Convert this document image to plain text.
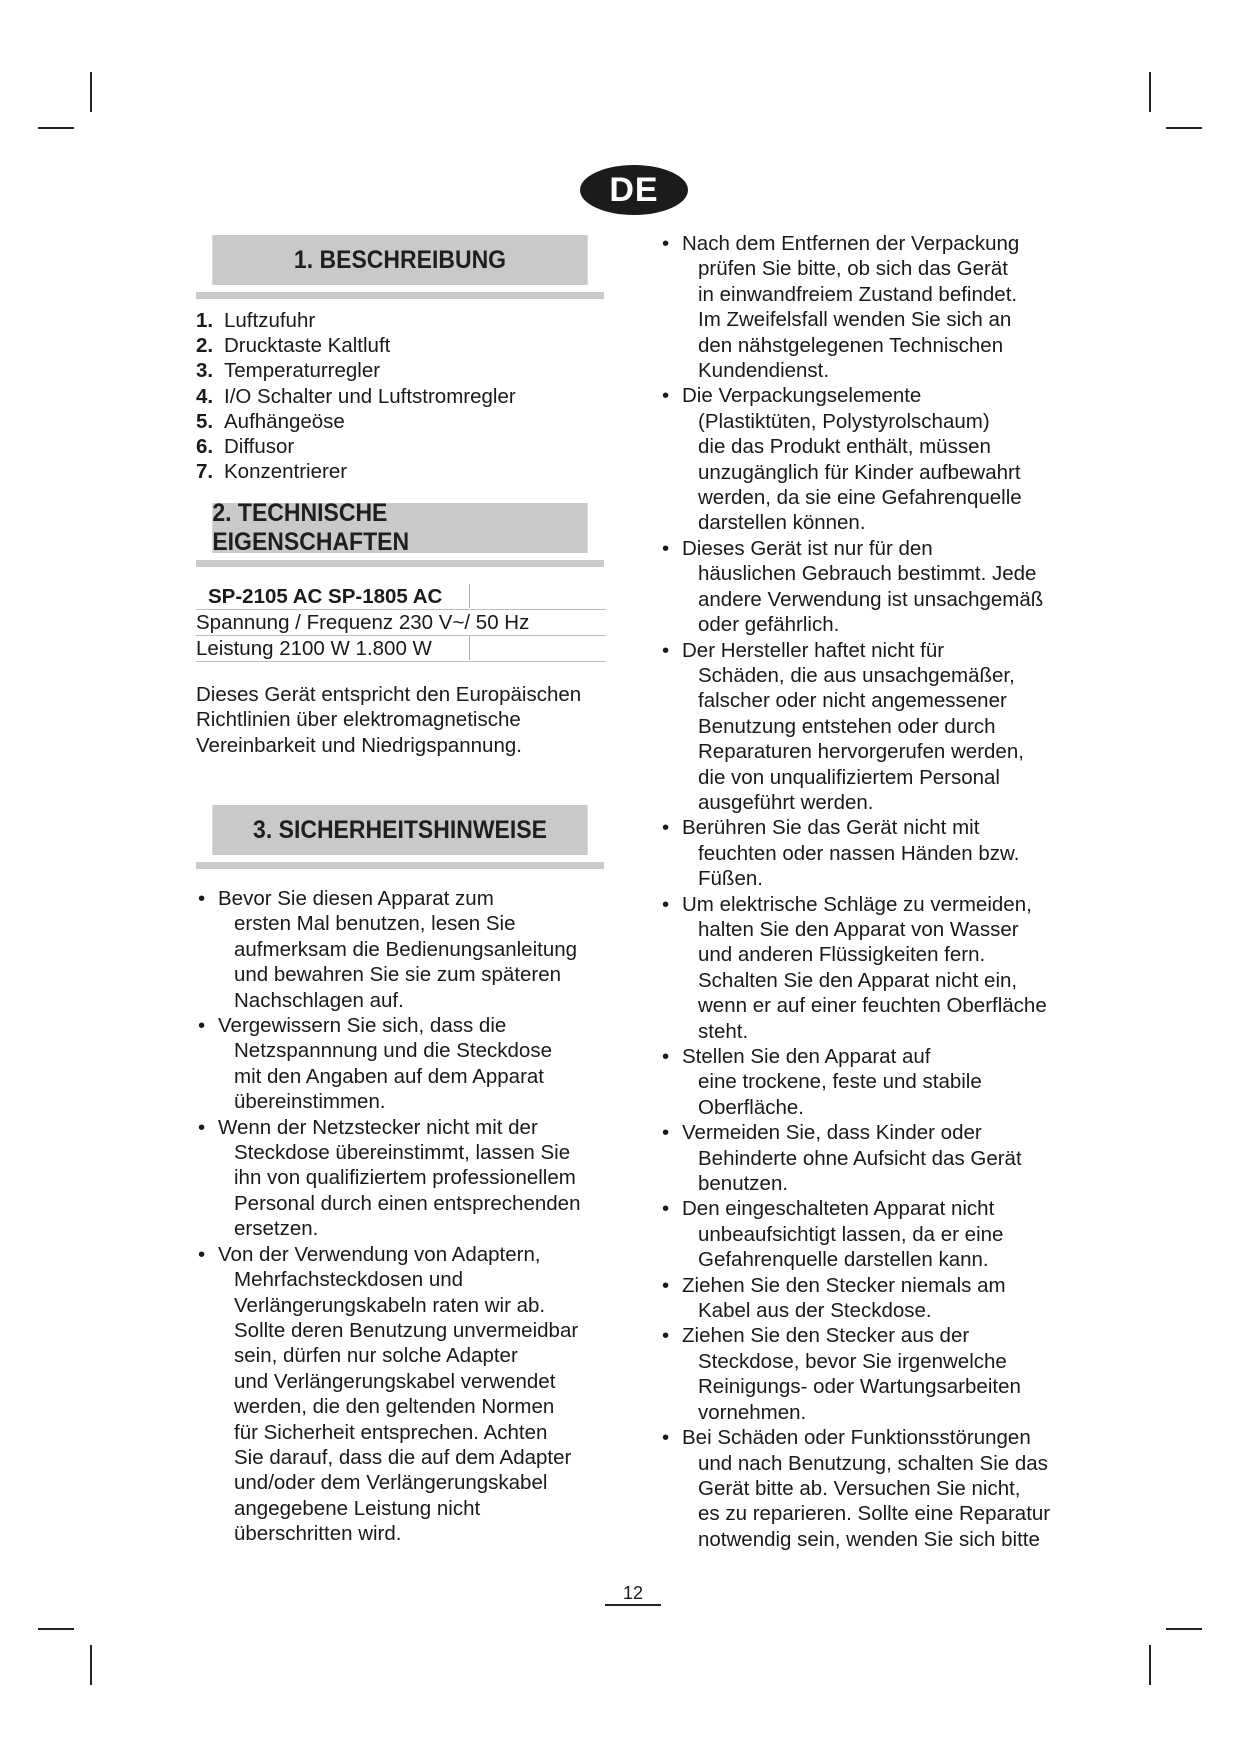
DE
1. BESCHREIBUNG
1. Luftzufuhr
2. Drucktaste Kaltluft
3. Temperaturregler
4. I/O Schalter und Luftstromregler
5. Aufhängeöse
6. Diffusor
7. Konzentrierer
2. TECHNISCHE EIGENSCHAFTEN
SP-2105 AC SP-1805 AC
Spannung / Frequenz 230 V~/ 50 Hz
Leistung 2100 W 1.800 W
Dieses Gerät entspricht den Europäischen
Richtlinien über elektromagnetische
Vereinbarkeit und Niedrigspannung.
3. SICHERHEITSHINWEISE
• Bevor Sie diesen Apparat zum
ersten Mal benutzen, lesen Sie
aufmerksam die Bedienungsanleitung
und bewahren Sie sie zum späteren
Nachschlagen auf.
• Vergewissern Sie sich, dass die
Netzspannnung und die Steckdose
mit den Angaben auf dem Apparat
übereinstimmen.
• Wenn der Netzstecker nicht mit der
Steckdose übereinstimmt, lassen Sie
ihn von qualifiziertem professionellem
Personal durch einen entsprechenden
ersetzen.
• Von der Verwendung von Adaptern,
Mehrfachsteckdosen und
Verlängerungskabeln raten wir ab.
Sollte deren Benutzung unvermeidbar
sein, dürfen nur solche Adapter
und Verlängerungskabel verwendet
werden, die den geltenden Normen
für Sicherheit entsprechen. Achten
Sie darauf, dass die auf dem Adapter
und/oder dem Verlängerungskabel
angegebene Leistung nicht
überschritten wird.
• Nach dem Entfernen der Verpackung
prüfen Sie bitte, ob sich das Gerät
in einwandfreiem Zustand befindet.
Im Zweifelsfall wenden Sie sich an
den nähstgelegenen Technischen
Kundendienst.
• Die Verpackungselemente
(Plastiktüten, Polystyrolschaum)
die das Produkt enthält, müssen
unzugänglich für Kinder aufbewahrt
werden, da sie eine Gefahrenquelle
darstellen können.
• Dieses Gerät ist nur für den
häuslichen Gebrauch bestimmt. Jede
andere Verwendung ist unsachgemäß
oder gefährlich.
• Der Hersteller haftet nicht für
Schäden, die aus unsachgemäßer,
falscher oder nicht angemessener
Benutzung entstehen oder durch
Reparaturen hervorgerufen werden,
die von unqualifiziertem Personal
ausgeführt werden.
• Berühren Sie das Gerät nicht mit
feuchten oder nassen Händen bzw.
Füßen.
• Um elektrische Schläge zu vermeiden,
halten Sie den Apparat von Wasser
und anderen Flüssigkeiten fern.
Schalten Sie den Apparat nicht ein,
wenn er auf einer feuchten Oberfläche
steht.
• Stellen Sie den Apparat auf
eine trockene, feste und stabile
Oberfläche.
• Vermeiden Sie, dass Kinder oder
Behinderte ohne Aufsicht das Gerät
benutzen.
• Den eingeschalteten Apparat nicht
unbeaufsichtigt lassen, da er eine
Gefahrenquelle darstellen kann.
• Ziehen Sie den Stecker niemals am
Kabel aus der Steckdose.
• Ziehen Sie den Stecker aus der
Steckdose, bevor Sie irgenwelche
Reinigungs- oder Wartungsarbeiten
vornehmen.
• Bei Schäden oder Funktionsstörungen
und nach Benutzung, schalten Sie das
Gerät bitte ab. Versuchen Sie nicht,
es zu reparieren. Sollte eine Reparatur
notwendig sein, wenden Sie sich bitte
12
